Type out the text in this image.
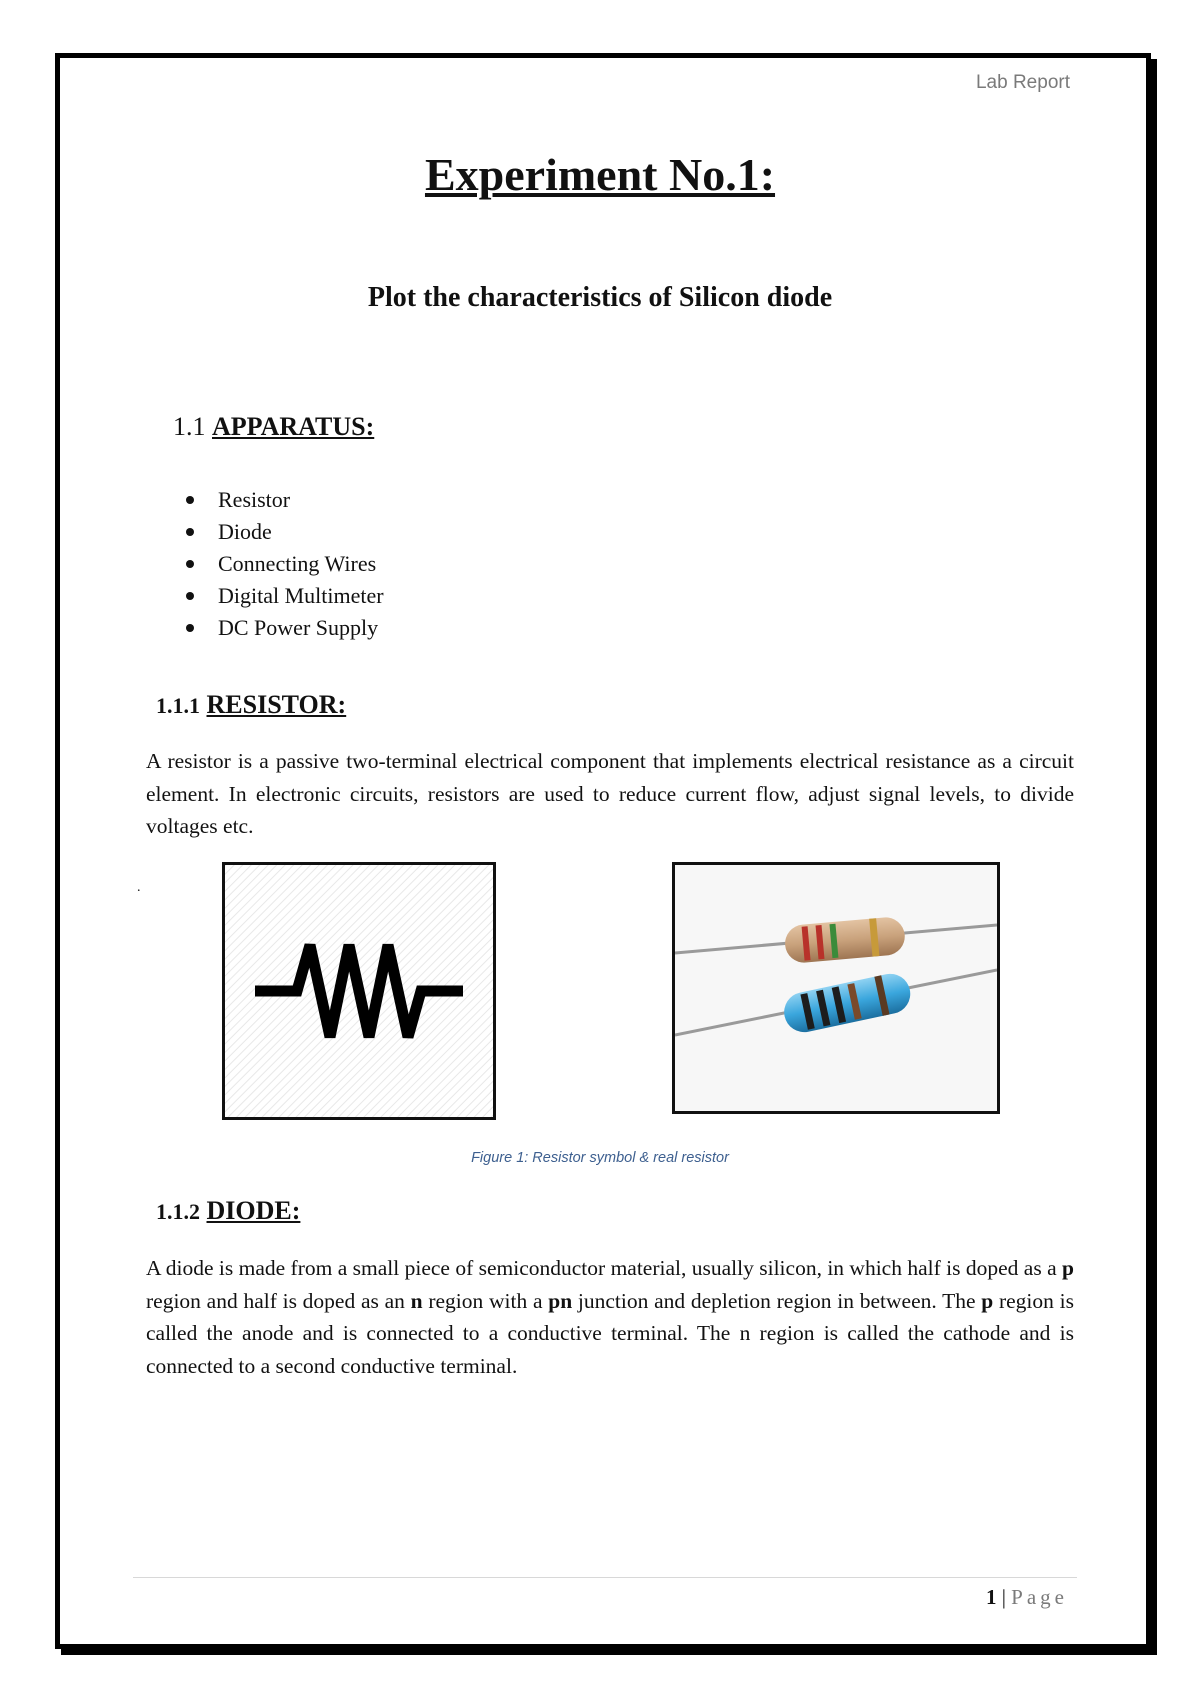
Lab Report
Experiment No.1:
Plot the characteristics of Silicon diode
1.1 APPARATUS:
Resistor
Diode
Connecting Wires
Digital Multimeter
DC Power Supply
1.1.1 RESISTOR:
A resistor is a passive two-terminal electrical component that implements electrical resistance as a circuit element. In electronic circuits, resistors are used to reduce current flow, adjust signal levels, to divide voltages etc.
.
Figure 1: Resistor symbol & real resistor
1.1.2 DIODE:
A diode is made from a small piece of semiconductor material, usually silicon, in which half is doped as a p region and half is doped as an n region with a pn junction and depletion region in between. The p region is called the anode and is connected to a conductive terminal. The n region is called the cathode and is connected to a second conductive terminal.
1 | Page
